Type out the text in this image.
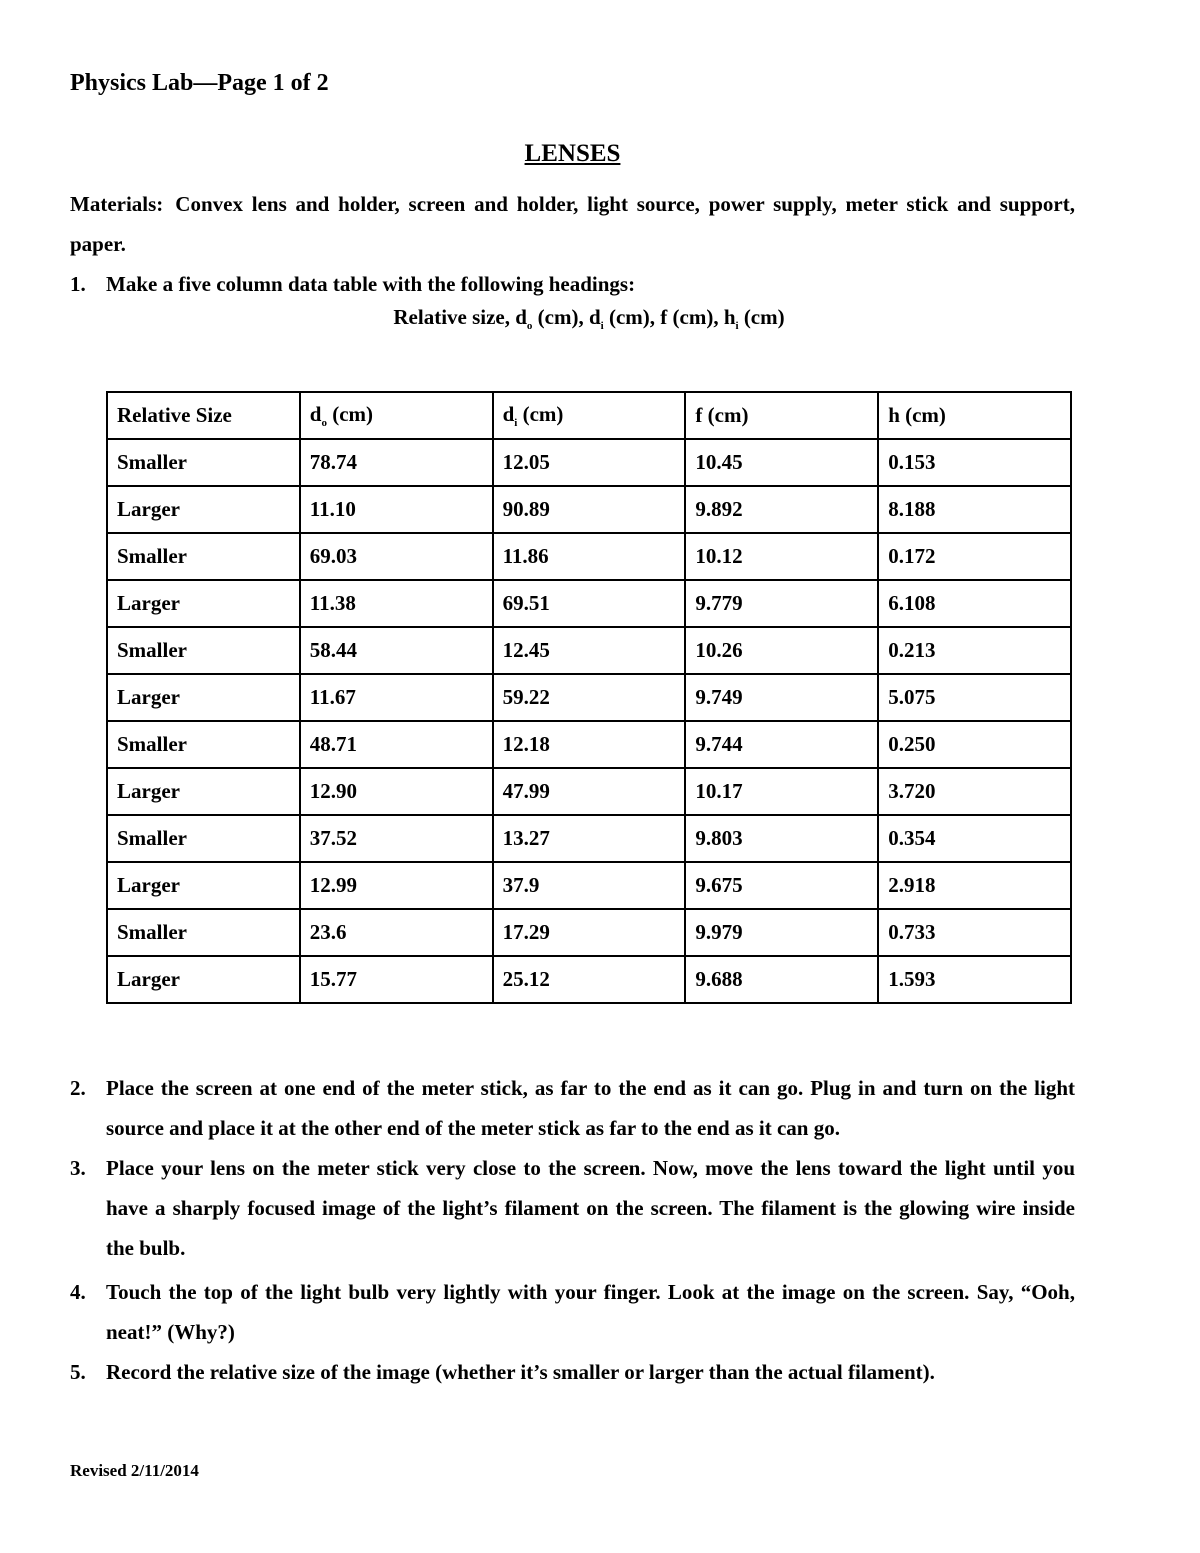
Physics Lab—Page 1 of 2
LENSES
Materials: Convex lens and holder, screen and holder, light source, power supply, meter stick and support, paper.
1. Make a five column data table with the following headings:
Relative size, $d_o$ (cm), $d_i$ (cm), f (cm), $h_i$ (cm)
Relative Size	$d_o$ (cm)	$d_i$ (cm)	f (cm)	h (cm)
Smaller	78.74	12.05	10.45	0.153
Larger	11.10	90.89	9.892	8.188
Smaller	69.03	11.86	10.12	0.172
Larger	11.38	69.51	9.779	6.108
Smaller	58.44	12.45	10.26	0.213
Larger	11.67	59.22	9.749	5.075
Smaller	48.71	12.18	9.744	0.250
Larger	12.90	47.99	10.17	3.720
Smaller	37.52	13.27	9.803	0.354
Larger	12.99	37.9	9.675	2.918
Smaller	23.6	17.29	9.979	0.733
Larger	15.77	25.12	9.688	1.593
2. Place the screen at one end of the meter stick, as far to the end as it can go. Plug in and turn on the light source and place it at the other end of the meter stick as far to the end as it can go.
3. Place your lens on the meter stick very close to the screen. Now, move the lens toward the light until you have a sharply focused image of the light’s filament on the screen. The filament is the glowing wire inside the bulb.
4. Touch the top of the light bulb very lightly with your finger. Look at the image on the screen. Say, “Ooh, neat!” (Why?)
5. Record the relative size of the image (whether it’s smaller or larger than the actual filament).
Revised 2/11/2014
